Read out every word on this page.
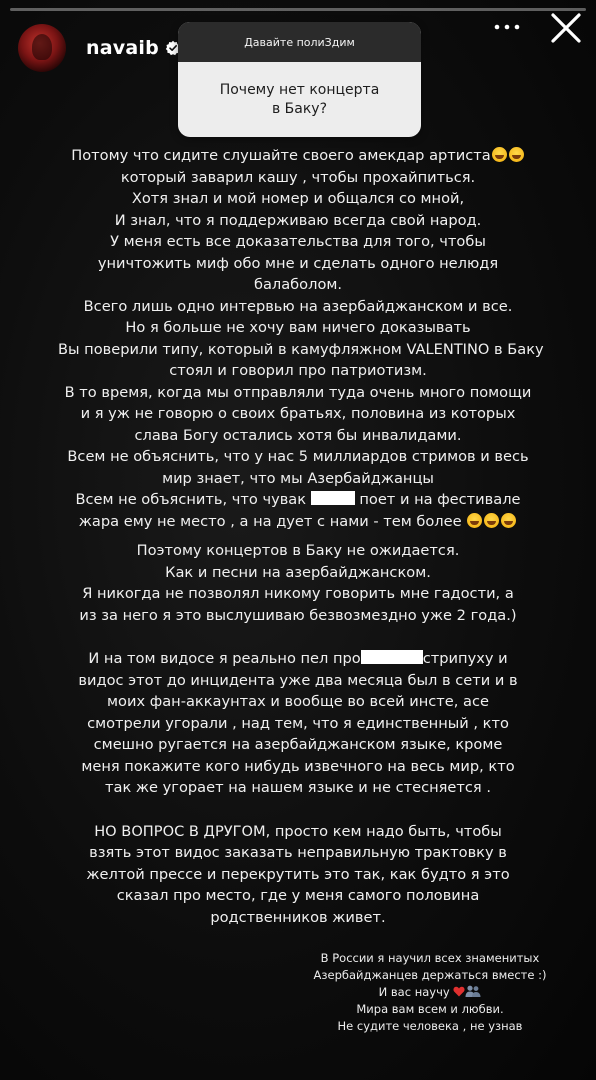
navaib	Давайте полиЗдим
Почему нет концерта
в Баку?
Потому что сидите слушайте своего амекдар артиста
который заварил кашу , чтобы прохайпиться.
Хотя знал и мой номер и общался со мной,
И знал, что я поддерживаю всегда свой народ.
У меня есть все доказательства для того, чтобы
уничтожить миф обо мне и сделать одного нелюдя
балаболом.
Всего лишь одно интервью на азербайджанском и все.
Но я больше не хочу вам ничего доказывать
Вы поверили типу, который в камуфляжном VALENTINO в Баку
стоял и говорил про патриотизм.
В то время, когда мы отправляли туда очень много помощи
и я уж не говорю о своих братьях, половина из которых
слава Богу остались хотя бы инвалидами.
Всем не объяснить, что у нас 5 миллиардов стримов и весь
мир знает, что мы Азербайджанцы
Всем не объяснить, что чувак	поет и на фестивале
жара ему не место , а на дует с нами - тем более
Поэтому концертов в Баку не ожидается.
Как и песни на азербайджанском.
Я никогда не позволял никому говорить мне гадости, а
из за него я это выслушиваю безвозмездно уже 2 года.)
И на том видосе я реально пел про	стрипуху и
видос этот до инцидента уже два месяца был в сети и в
моих фан-аккаунтах и вообще во всей инсте, асе
смотрели угорали , над тем, что я единственный , кто
смешно ругается на азербайджанском языке, кроме
меня покажите кого нибудь извечного на весь мир, кто
так же угорает на нашем языке и не стесняется .
НО ВОПРОС В ДРУГОМ, просто кем надо быть, чтобы
взять этот видос заказать неправильную трактовку в
желтой прессе и перекрутить это так, как будто я это
сказал про место, где у меня самого половина
родственников живет.
В России я научил всех знаменитых
Азербайджанцев держаться вместе :)
И вас научу
Мира вам всем и любви.
Не судите человека , не узнав
